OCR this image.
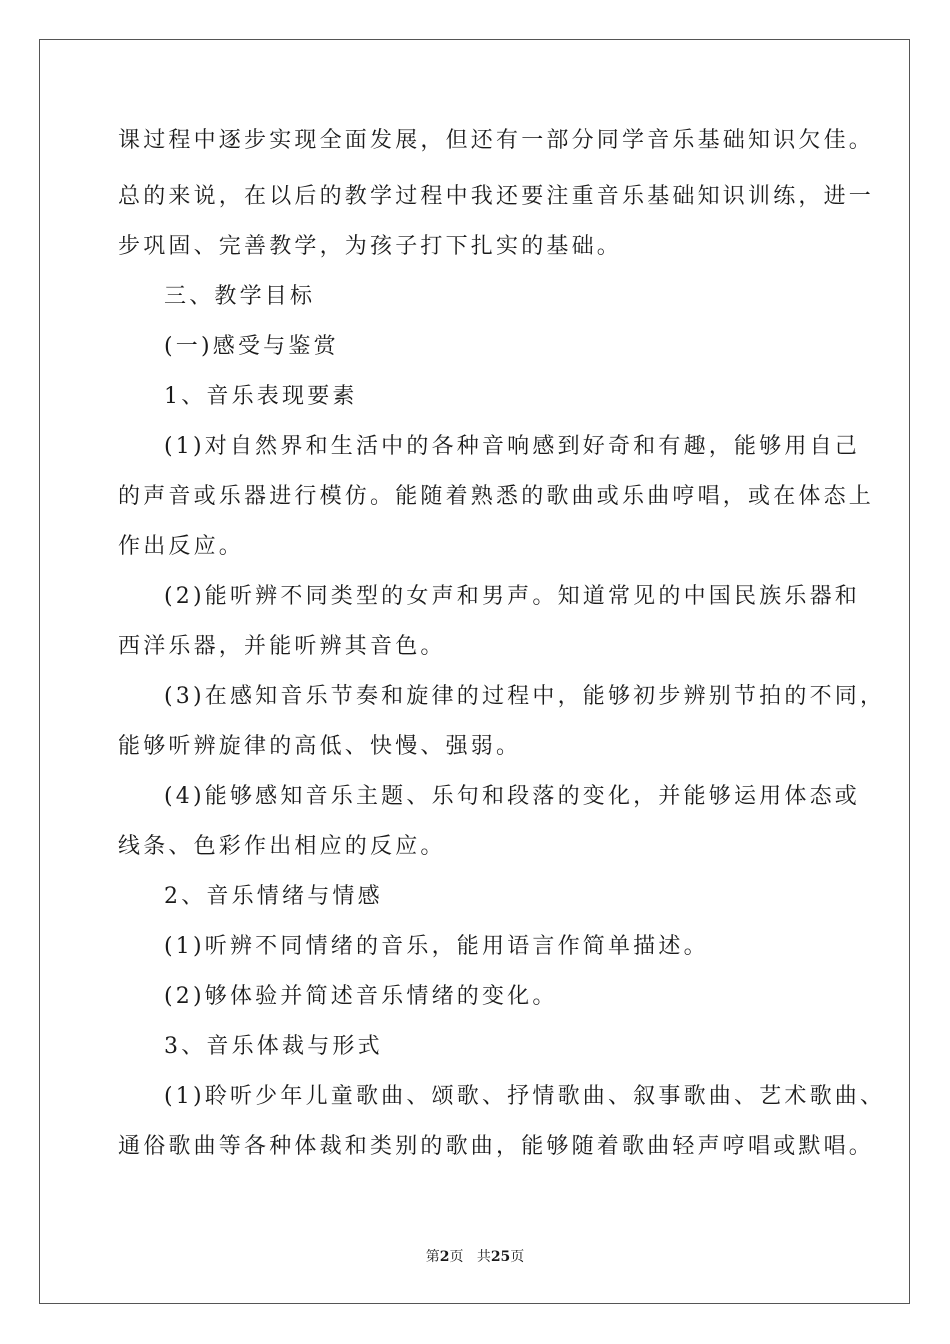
课过程中逐步实现全面发展，但还有一部分同学音乐基础知识欠佳。
总的来说，在以后的教学过程中我还要注重音乐基础知识训练，进一
步巩固、完善教学，为孩子打下扎实的基础。
三、教学目标
(一)感受与鉴赏
1、音乐表现要素
(1)对自然界和生活中的各种音响感到好奇和有趣，能够用自己
的声音或乐器进行模仿。能随着熟悉的歌曲或乐曲哼唱，或在体态上
作出反应。
(2)能听辨不同类型的女声和男声。知道常见的中国民族乐器和
西洋乐器，并能听辨其音色。
(3)在感知音乐节奏和旋律的过程中，能够初步辨别节拍的不同，
能够听辨旋律的高低、快慢、强弱。
(4)能够感知音乐主题、乐句和段落的变化，并能够运用体态或
线条、色彩作出相应的反应。
2、音乐情绪与情感
(1)听辨不同情绪的音乐，能用语言作简单描述。
(2)够体验并简述音乐情绪的变化。
3、音乐体裁与形式
(1)聆听少年儿童歌曲、颂歌、抒情歌曲、叙事歌曲、艺术歌曲、
通俗歌曲等各种体裁和类别的歌曲，能够随着歌曲轻声哼唱或默唱。
第2页 共25页
